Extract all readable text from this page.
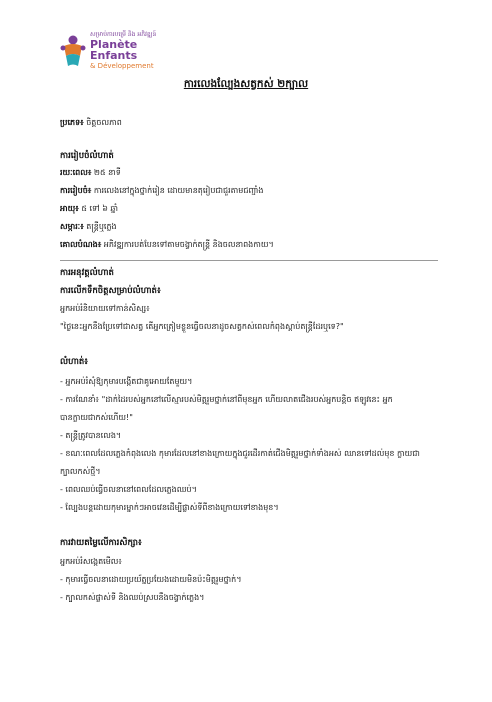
សម្រាប់ការបម្រើ និង អភិវឌ្ឍន៍
Planète
Enfants
& Développement
ការលេងល្បែងសត្វកស់ ២ក្បាល
ប្រភេទ៖ ចិត្តចលភាព
ការរៀបចំលំហាត់
រយៈពេល៖ ២៥ នាទី
ការរៀបចំ៖ ការលេងនៅក្នុងថ្នាក់រៀន ដោយមានតុរៀបជាជួរតាមជញ្ជាំង
អាយុ៖ ៥ ទៅ ៦ ឆ្នាំ
សម្ភារៈ៖ តន្ត្រីឬភ្លេង
គោលបំណង៖ អភិវឌ្ឍការបត់បែនទៅតាមចង្វាក់តន្ត្រី និងចលនាពងកាយ។
ការអនុវត្តលំហាត់
ការលើកទឹកចិត្តសម្រាប់លំហាត់៖
អ្នកអប់រំនិយាយទៅកាន់សិស្ស៖
"ថ្ងៃនេះអ្នកនឹងប្រែទៅជាសត្វ តើអ្នកត្រៀមខ្លួនធ្វើចលនាដូចសត្វកស់ពេលកំពុងស្តាប់តន្ត្រីដែរឬទេ?"
លំហាត់៖
- អ្នកអប់រំសុំឱ្យកុមារបង្កើតជាគូអោយតែមួយ។
- ការណែនាំ៖ "ដាក់ដៃរបស់អ្នកនៅលើស្មារបស់មិត្តរួមថ្នាក់នៅពីមុខអ្នក ហើយលាតជើងរបស់អ្នកបន្តិច ឥឡូវនេះ អ្នក
បានក្លាយជាកស់ហើយ!"
- តន្ត្រីត្រូវបានលេង។
- ខណៈពេលដែលភ្លេងកំពុងលេង កុមារដែលនៅខាងក្រោយក្នុងជួរដើរកាត់ជើងមិត្តរួមថ្នាក់ទាំងអស់ ឈានទៅដល់មុខ ក្លាយជា
ក្បាលកស់ថ្មី។
- ពេលឈប់ធ្វើចលនានៅពេលដែលភ្លេងឈប់។
- ល្បែងបន្តដោយកុមារម្នាក់ៗអាចវេនដើម្បីផ្លាស់ទីពីខាងក្រោយទៅខាងមុខ។
ការវាយតម្លៃលើការសិក្សា៖
អ្នកអប់រំសង្កេតមើល៖
- កុមារធ្វើចលនាដោយប្រយ័ត្នប្រយែងដោយមិនប៉ះមិត្តរួមថ្នាក់។
- ក្បាលកស់ផ្លាស់ទី និងឈប់ស្របនឹងចង្វាក់ភ្លេង។
